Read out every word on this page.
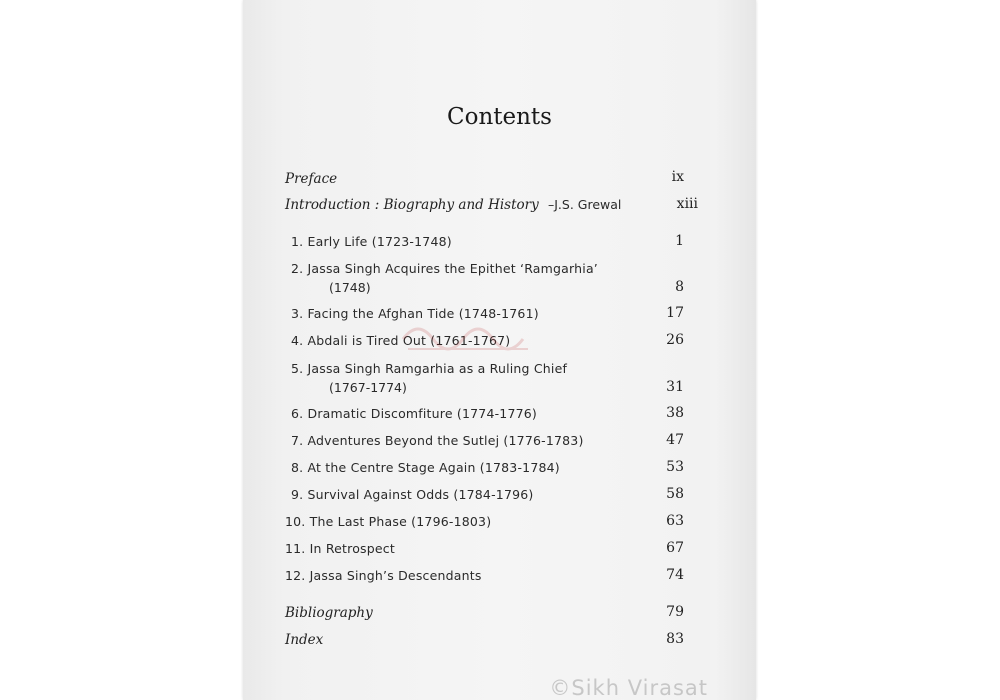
Contents
Preface	ix
Introduction : Biography and History –J.S. Grewal	xiii
1. Early Life (1723-1748)	1
2. Jassa Singh Acquires the Epithet ‘Ramgarhia’
(1748)	8
3. Facing the Afghan Tide (1748-1761)	17
4. Abdali is Tired Out (1761-1767)	26
5. Jassa Singh Ramgarhia as a Ruling Chief
(1767-1774)	31
6. Dramatic Discomfiture (1774-1776)	38
7. Adventures Beyond the Sutlej (1776-1783)	47
8. At the Centre Stage Again (1783-1784)	53
9. Survival Against Odds (1784-1796)	58
10. The Last Phase (1796-1803)	63
11. In Retrospect	67
12. Jassa Singh’s Descendants	74
Bibliography	79
Index	83
©Sikh Virasat
